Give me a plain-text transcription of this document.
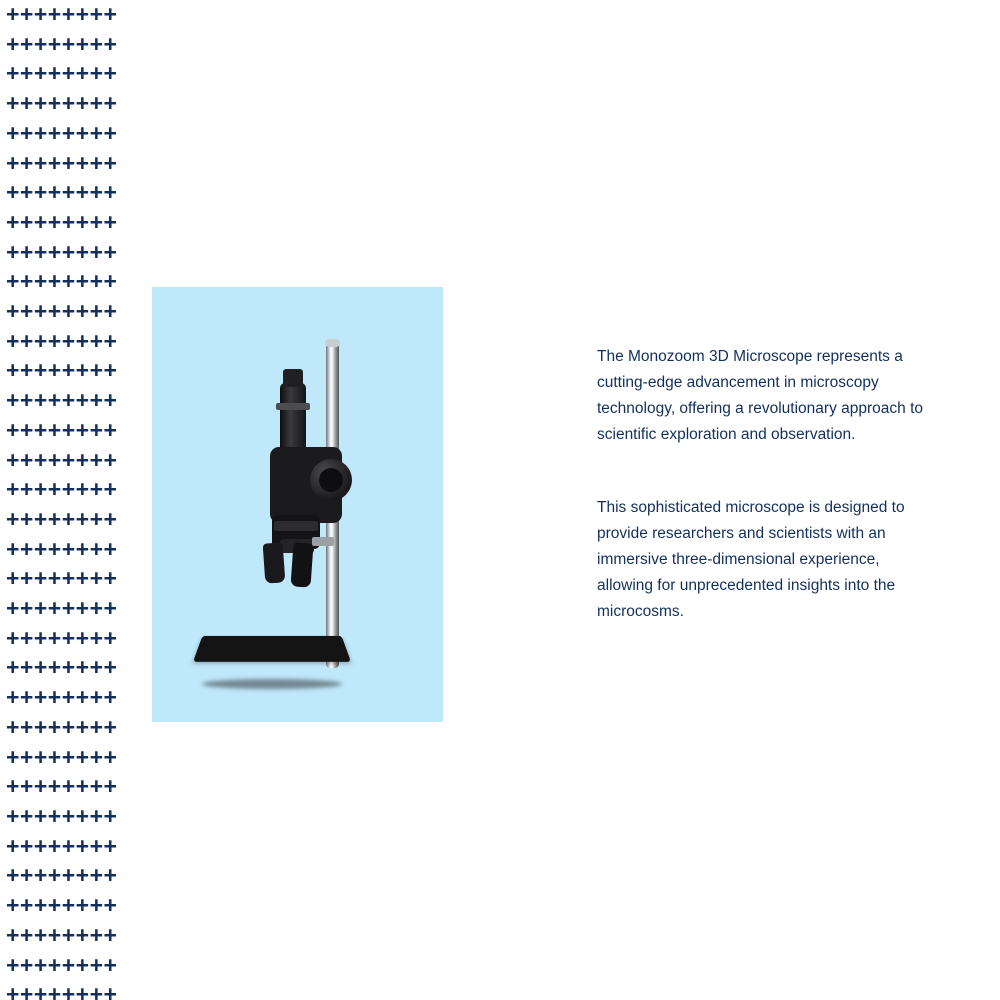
++++++++
++++++++
++++++++
++++++++
++++++++
++++++++
++++++++
++++++++
++++++++
++++++++
++++++++
++++++++
++++++++
++++++++
++++++++
++++++++
++++++++
++++++++
++++++++
++++++++
++++++++
++++++++
++++++++
++++++++
++++++++
++++++++
++++++++
++++++++
++++++++
++++++++
++++++++
++++++++
++++++++
++++++++

The Monozoom 3D Microscope represents a cutting-edge advancement in microscopy technology, offering a revolutionary approach to scientific exploration and observation.

This sophisticated microscope is designed to provide researchers and scientists with an immersive three-dimensional experience, allowing for unprecedented insights into the microcosms.
